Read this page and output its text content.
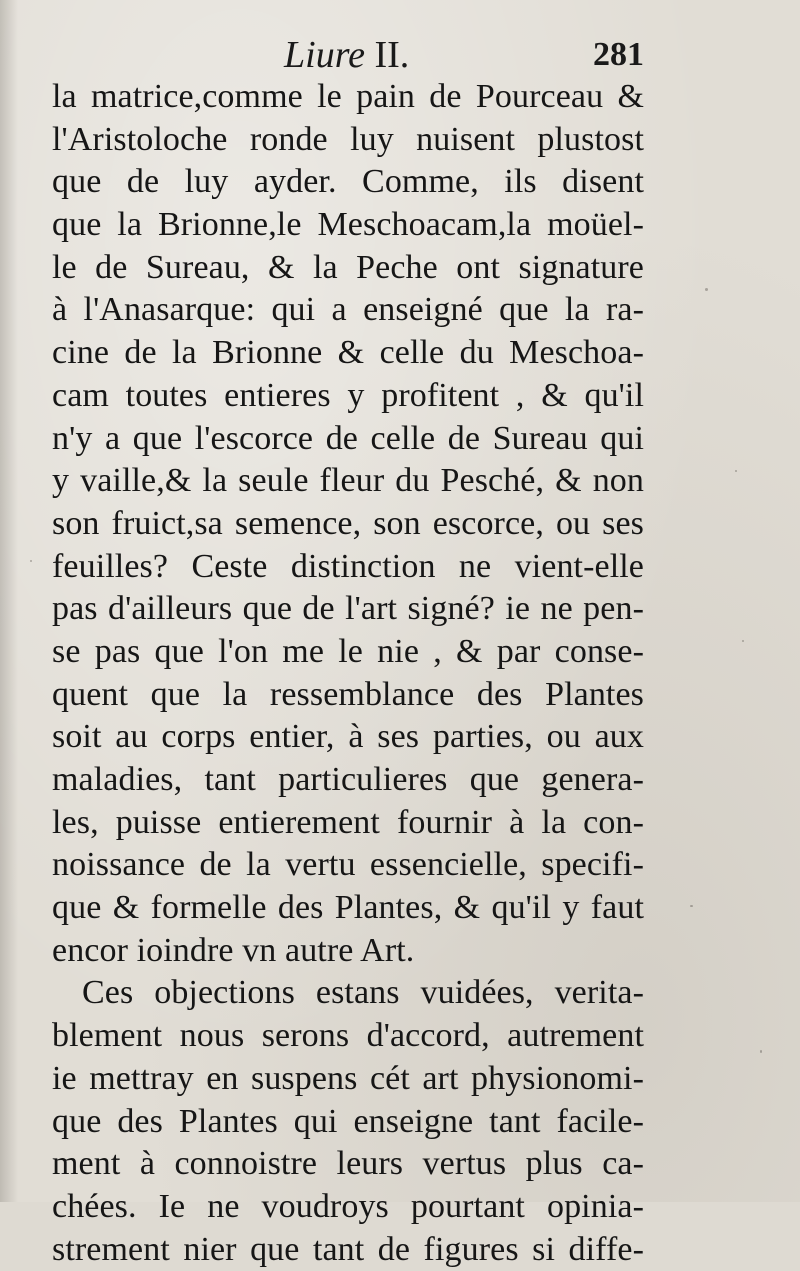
Liure II.	281
la matrice,comme le pain de Pourceau &
l'Aristoloche ronde luy nuisent plustost
que de luy ayder. Comme, ils disent
que la Brionne,le Meschoacam,la moüel-
le de Sureau, & la Peche ont signature
à l'Anasarque: qui a enseigné que la ra-
cine de la Brionne & celle du Meschoa-
cam toutes entieres y profitent , & qu'il
n'y a que l'escorce de celle de Sureau qui
y vaille,& la seule fleur du Pesché, & non
son fruict,sa semence, son escorce, ou ses
feuilles? Ceste distinction ne vient-elle
pas d'ailleurs que de l'art signé? ie ne pen-
se pas que l'on me le nie , & par conse-
quent que la ressemblance des Plantes
soit au corps entier, à ses parties, ou aux
maladies, tant particulieres que genera-
les, puisse entierement fournir à la con-
noissance de la vertu essencielle, specifi-
que & formelle des Plantes, & qu'il y faut
encor ioindre vn autre Art.
Ces objections estans vuidées, verita-
blement nous serons d'accord, autrement
ie mettray en suspens cét art physionomi-
que des Plantes qui enseigne tant facile-
ment à connoistre leurs vertus plus ca-
chées. Ie ne voudroys pourtant opinia-
strement nier que tant de figures si diffe-
